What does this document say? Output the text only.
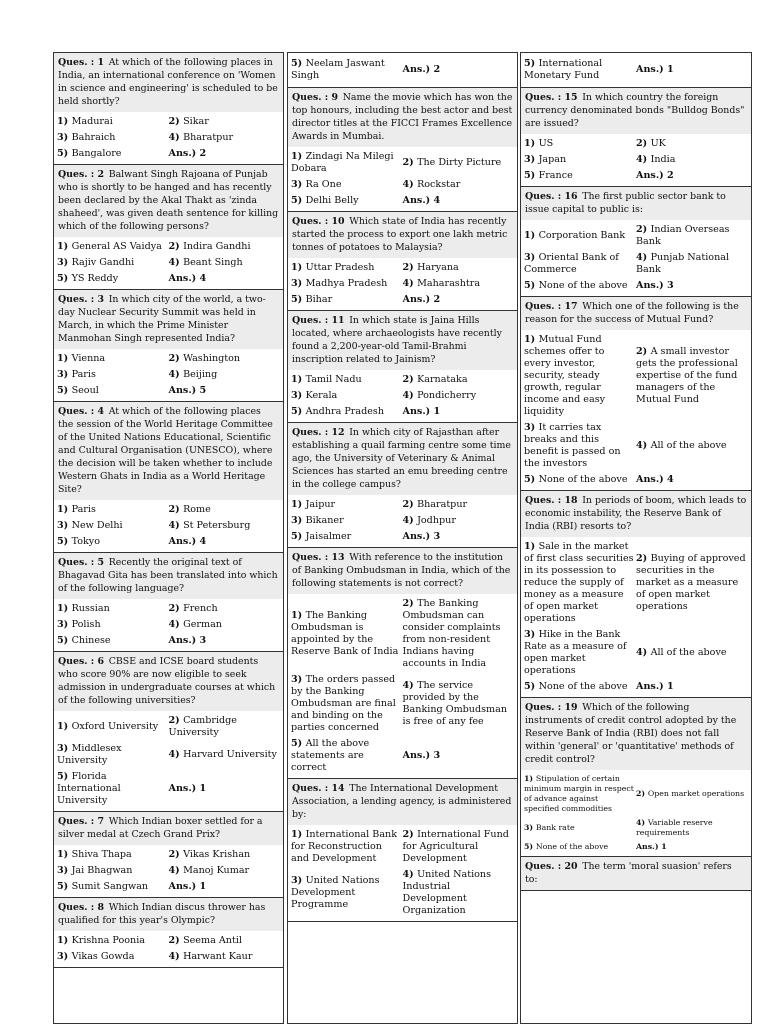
Ques. : 1  At which of the following places in India, an international conference on 'Women in science and engineering' is scheduled to be held shortly?
1) Madurai	2) Sikar
3) Bahraich	4) Bharatpur
5) Bangalore	Ans.) 2
Ques. : 2  Balwant Singh Rajoana of Punjab who is shortly to be hanged and has recently been declared by the Akal Thakt as 'zinda shaheed', was given death sentence for killing which of the following persons?
1) General AS Vaidya 2) Indira Gandhi
3) Rajiv Gandhi	4) Beant Singh
5) YS Reddy	Ans.) 4
Ques. : 3  In which city of the world, a two-day Nuclear Security Summit was held in March, in which the Prime Minister Manmohan Singh represented India?
1) Vienna	2) Washington
3) Paris	4) Beijing
5) Seoul	Ans.) 5
Ques. : 4  At which of the following places the session of the World Heritage Committee of the United Nations Educational, Scientific and Cultural Organisation (UNESCO), where the decision will be taken whether to include Western Ghats in India as a World Heritage Site?
1) Paris	2) Rome
3) New Delhi	4) St Petersburg
5) Tokyo	Ans.) 4
Ques. : 5  Recently the original text of Bhagavad Gita has been translated into which of the following language?
1) Russian	2) French
3) Polish	4) German
5) Chinese	Ans.) 3
Ques. : 6  CBSE and ICSE board students who score 90% are now eligible to seek admission in undergraduate courses at which of the following universities?
1) Oxford University
2) Cambridge University
3) Middlesex University
4) Harvard University
5) Florida International University
Ans.) 1
Ques. : 7  Which Indian boxer settled for a silver medal at Czech Grand Prix?
1) Shiva Thapa	2) Vikas Krishan
3) Jai Bhagwan	4) Manoj Kumar
5) Sumit Sangwan	Ans.) 1
Ques. : 8  Which Indian discus thrower has qualified for this year's Olympic?
1) Krishna Poonia	2) Seema Antil
3) Vikas Gowda	4) Harwant Kaur
5) Neelam Jaswant Singh
Ans.) 2
Ques. : 9  Name the movie which has won the top honours, including the best actor and best director titles at the FICCI Frames Excellence Awards in Mumbai.
1) Zindagi Na Milegi Dobara
2) The Dirty Picture
3) Ra One	4) Rockstar
5) Delhi Belly	Ans.) 4
Ques. : 10  Which state of India has recently started the process to export one lakh metric tonnes of potatoes to Malaysia?
1) Uttar Pradesh	2) Haryana
3) Madhya Pradesh	4) Maharashtra
5) Bihar	Ans.) 2
Ques. : 11  In which state is Jaina Hills located, where archaeologists have recently found a 2,200-year-old Tamil-Brahmi inscription related to Jainism?
1) Tamil Nadu	2) Karnataka
3) Kerala	4) Pondicherry
5) Andhra Pradesh	Ans.) 1
Ques. : 12  In which city of Rajasthan after establishing a quail farming centre some time ago, the University of Veterinary & Animal Sciences has started an emu breeding centre in the college campus?
1) Jaipur	2) Bharatpur
3) Bikaner	4) Jodhpur
5) Jaisalmer	Ans.) 3
Ques. : 13  With reference to the institution of Banking Ombudsman in India, which of the following statements is not correct?
1) The Banking Ombudsman is appointed by the Reserve Bank of India
2) The Banking Ombudsman can consider complaints from non-resident Indians having accounts in India
3) The orders passed by the Banking Ombudsman are final and binding on the parties concerned
4) The service provided by the Banking Ombudsman is free of any fee
5) All the above statements are correct
Ans.) 3
Ques. : 14  The International Development Association, a lending agency, is administered by:
1) International Bank for Reconstruction and Development
2) International Fund for Agricultural Development
3) United Nations Development Programme
4) United Nations Industrial Development Organization
5) International Monetary Fund
Ans.) 1
Ques. : 15  In which country the foreign currency denominated bonds "Bulldog Bonds" are issued?
1) US	2) UK
3) Japan	4) India
5) France	Ans.) 2
Ques. : 16  The first public sector bank to issue capital to public is:
1) Corporation Bank
2) Indian Overseas Bank
3) Oriental Bank of Commerce
4) Punjab National Bank
5) None of the above Ans.) 3
Ques. : 17  Which one of the following is the reason for the success of Mutual Fund?
1) Mutual Fund schemes offer to every investor, security, steady growth, regular income and easy liquidity
2) A small investor gets the professional expertise of the fund managers of the Mutual Fund
3) It carries tax breaks and this benefit is passed on the investors
4) All of the above
5) None of the above Ans.) 4
Ques. : 18  In periods of boom, which leads to economic instability, the Reserve Bank of India (RBI) resorts to?
1) Sale in the market of first class securities in its possession to reduce the supply of money as a measure of open market operations
2) Buying of approved securities in the market as a measure of open market operations
3) Hike in the Bank Rate as a measure of open market operations
4) All of the above
5) None of the above Ans.) 1
Ques. : 19  Which of the following instruments of credit control adopted by the Reserve Bank of India (RBI) does not fall within 'general' or 'quantitative' methods of credit control?
1) Stipulation of certain minimum margin in respect of advance against specified commodities
2) Open market operations
3) Bank rate
4) Variable reserve requirements
5) None of the above	Ans.) 1
Ques. : 20  The term 'moral suasion' refers to:
